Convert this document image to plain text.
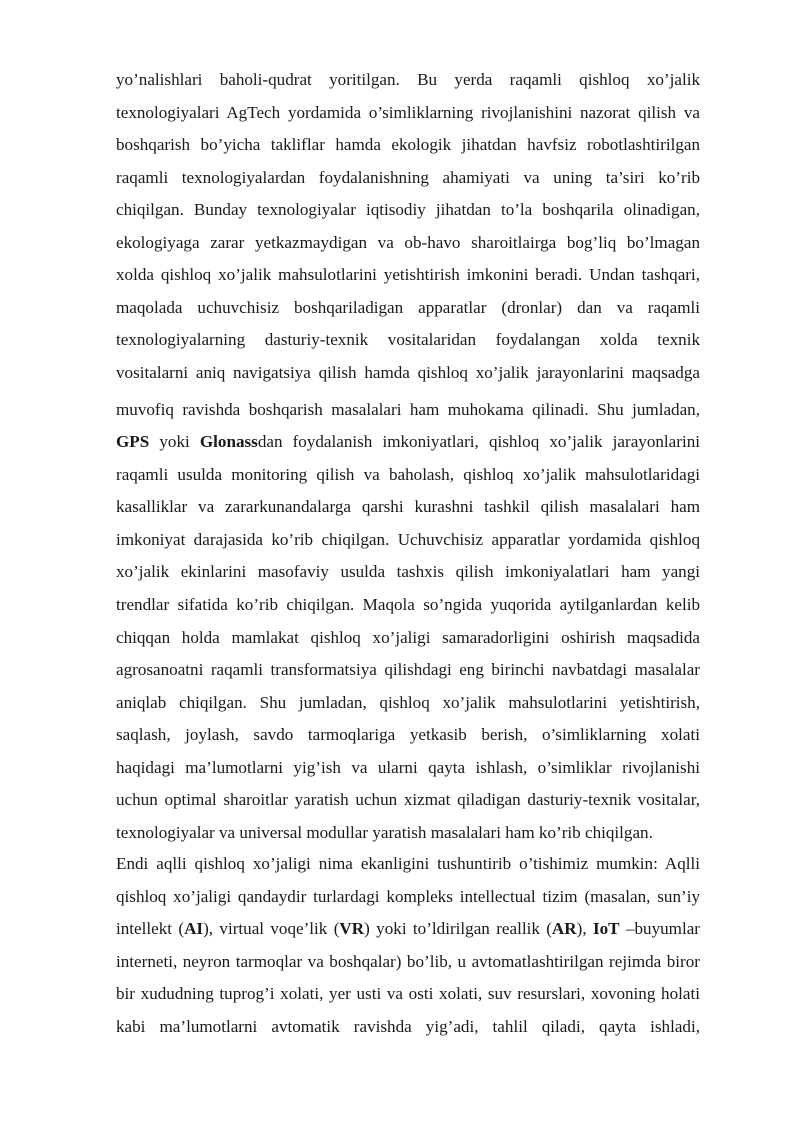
yo’nalishlari baholi-qudrat yoritilgan. Bu yerda raqamli qishloq xo’jalik
texnologiyalari AgTech yordamida o’simliklarning rivojlanishini nazorat qilish va
boshqarish bo’yicha takliflar hamda ekologik jihatdan havfsiz robotlashtirilgan
raqamli texnologiyalardan foydalanishning ahamiyati va uning ta’siri ko’rib
chiqilgan. Bunday texnologiyalar iqtisodiy jihatdan to’la boshqarila olinadigan,
ekologiyaga zarar yetkazmaydigan va ob-havo sharoitlairga bog’liq bo’lmagan
xolda qishloq xo’jalik mahsulotlarini yetishtirish imkonini beradi. Undan tashqari,
maqolada uchuvchisiz boshqariladigan apparatlar (dronlar) dan va raqamli
texnologiyalarning dasturiy-texnik vositalaridan foydalangan xolda texnik
vositalarni aniq navigatsiya qilish hamda qishloq xo’jalik jarayonlarini maqsadga
muvofiq ravishda boshqarish masalalari ham muhokama qilinadi. Shu jumladan,
GPS yoki Glonassdan foydalanish imkoniyatlari, qishloq xo’jalik jarayonlarini
raqamli usulda monitoring qilish va baholash, qishloq xo’jalik mahsulotlaridagi
kasalliklar va zararkunandalarga qarshi kurashni tashkil qilish masalalari ham
imkoniyat darajasida ko’rib chiqilgan. Uchuvchisiz apparatlar yordamida qishloq
xo’jalik ekinlarini masofaviy usulda tashxis qilish imkoniyalatlari ham yangi
trendlar sifatida ko’rib chiqilgan. Maqola so’ngida yuqorida aytilganlardan kelib
chiqqan holda mamlakat qishloq xo’jaligi samaradorligini oshirish maqsadida
agrosanoatni raqamli transformatsiya qilishdagi eng birinchi navbatdagi masalalar
aniqlab chiqilgan. Shu jumladan, qishloq xo’jalik mahsulotlarini yetishtirish,
saqlash, joylash, savdo tarmoqlariga yetkasib berish, o’simliklarning xolati
haqidagi ma’lumotlarni yig’ish va ularni qayta ishlash, o’simliklar rivojlanishi
uchun optimal sharoitlar yaratish uchun xizmat qiladigan dasturiy-texnik vositalar,
texnologiyalar va universal modullar yaratish masalalari ham ko’rib chiqilgan.
Endi aqlli qishloq xo’jaligi nima ekanligini tushuntirib o’tishimiz mumkin: Aqlli
qishloq xo’jaligi qandaydir turlardagi kompleks intellectual tizim (masalan, sun’iy
intellekt (AI), virtual voqe’lik (VR) yoki to’ldirilgan reallik (AR), IoT –buyumlar
interneti, neyron tarmoqlar va boshqalar) bo’lib, u avtomatlashtirilgan rejimda biror
bir xududning tuprog’i xolati, yer usti va osti xolati, suv resurslari, xovoning holati
kabi ma’lumotlarni avtomatik ravishda yig’adi, tahlil qiladi, qayta ishladi,
